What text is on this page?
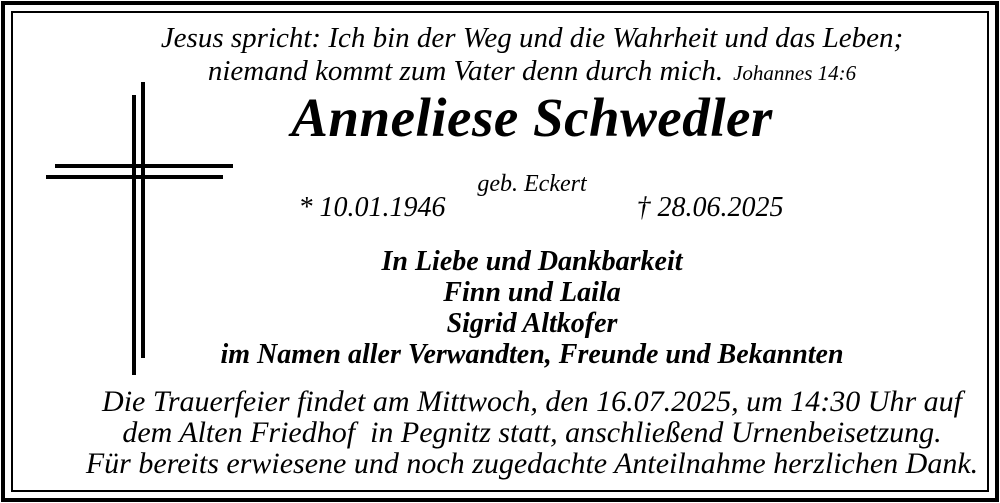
Jesus spricht: Ich bin der Weg und die Wahrheit und das Leben;
niemand kommt zum Vater denn durch mich. Johannes 14:6
Anneliese Schwedler
geb. Eckert
* 10.01.1946	† 28.06.2025
In Liebe und Dankbarkeit
Finn und Laila
Sigrid Altkofer
im Namen aller Verwandten, Freunde und Bekannten
Die Trauerfeier findet am Mittwoch, den 16.07.2025, um 14:30 Uhr auf
dem Alten Friedhof  in Pegnitz statt, anschließend Urnenbeisetzung.
Für bereits erwiesene und noch zugedachte Anteilnahme herzlichen Dank.
